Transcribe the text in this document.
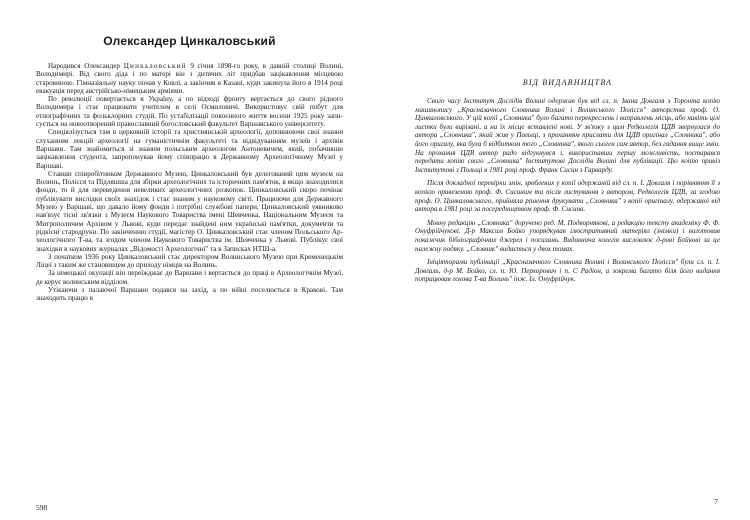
Олександер Цинкаловський

Народився Олександер Цинкаловський 9 січня 1898-го року, в давній столиці Волині, Володимирі. Від свого діда і по матері він з дитячих літ придбав зацікавлення місцевою старовиною. Гімназіяльну науку почав у Ковлі, а закінчив в Казані, куди закинула його в 1914 році евакуація перед австрійсько-німецьким арміями.

По революції повертається в Україну, а по відході фронту вертається до свого рідного Володимира і стає працювати учителем в селі Осмиловичі. Використовує свій побут для етнографічних та фольклорних студій. По устабілізації повоєнного життя восени 1925 року записується на новоотворений православний богословський факультет Варшавського університету.

Спеціялізується там в церковній історії та християнській археології, доповнюючи свої знання слуханням лекцій археології на гуманістичнім факультеті та відвідуванням музеїв і архівів Варшави. Там знайомиться зі знаним польським археологом Антоневичем, який, побачивши зацікавлення студента, запропонував йому співпрацю в Державному Археологічному Музеї у Варшаві.

Ставши співробітником Державного Музею, Цинкаловський був делегований цим музеєм на Волинь, Полісся та Підляшша для збірки археологічних та історичних пам'яток, в якщо знаходилися фонди, то й для переведення невеликих археологічних розкопок. Цинкаловський скоро почінає публікувати вислідки своїх знахідок і стає знаним у науковому світі. Працюючи для Державного Музею у Варшаві, що давало йому фонди і потрібні службові папери, Цинкаловський уявниково нав'язує тісні зв'язки з Музеєм Наукового Товариства імені Шевченка, Національним Музеєм та Митрополичим Архівом у Львові, куди передає знайдені ним українські пам'ятки, документи та рідкісні стародруки. По закінченню студії, магістер О. Цинкаловський стає членом Польського Археологічного Т-ва, та згодом членом Наукового Товариства ім. Шевченка у Львові. Публікує свої знахідки в наукових журналах „Відомості Археологічні" та в Записках НТШ-а.

З початком 1936 року Цинкаловський стає директором Волинського Музею при Кременецькім Ліцеї з таким же становищем до приходу німців на Волинь.

За німецької окупації він переїжджає до Варшави і вертається до праці в Археологічнім Музеї, де керує волинським відділом.

Утікаючи з палаючої Варшави подався на захід, а по війні поселюється в Кракові. Там знаходить працю в

598
ВІД ВИДАВНИЦТВА

Свого часу Інститут Дослідів Волині одержав був від сл. п. Івана Довгаля з Торонта копію машинопису „Красназачного Словника Волині і Волинського Полісся" авторства проф. О. Цинкаловського. У цій копії „Словника" було багато перекреслень і виправлень місць, або навіть цілі листки були вирізані, а на їх місце вставлені нові. У зв'язку з цим Редколегія ЦДВ звернулася до автора „Словника", який жив у Польщі, з проханням прислати для ЦДВ оригінал „Словника", або його оригалу, яка була б відбитком того „Словника", якого сьоген сам автор, без гадання вище змін. На прохання ЦДВ автор радо відгукнувся і, використавши першу можливість, постарався передати копію свого „Словника" Інститутові Дослідів Волині для публікації. Цю копію привіз Інститутові з Польщі в 1981 році проф. Франк Сисин з Гарварду.

Після докладної перевірки змін, зроблених у копії одержаній від сл. п. І. Довгаля і порівняння її з копією привезеною проф. Ф. Сисиним та після листування з автором, Редколегія ЦДВ, за згодою проф. О. Цинкаловського, прийняла рішення друкувати „Словника" з копії оригіналу, одержаної від автора в 1981 році за посередництвом проф. Ф. Сисина.

Мовну редакцію „Словника" доручено ред. М. Подворнякові, а редакцію тексту академіку Ф. Ф. Онуфрійчукові. Д-р Максим Бойко упорядкував ілюстративний матеріял (знімки) і виготовив покажчик бібліографічних джерел і посилань. Видавнича колегія висловлює д-рові Бойкові за це належну подяку. „Словник" видається у двох томах.

Ініціяторами публікації „Красназачного Словника Волині і Волинського Полісся" були сл. п. І. Довгаль, д-р М. Бойко, сл. п. Ю. Перхорович і п. С Радіон, а зокрема багато біля його видання попрацював голова Т-ва Волинь" інж. Іл. Онуфрійчук.

7
